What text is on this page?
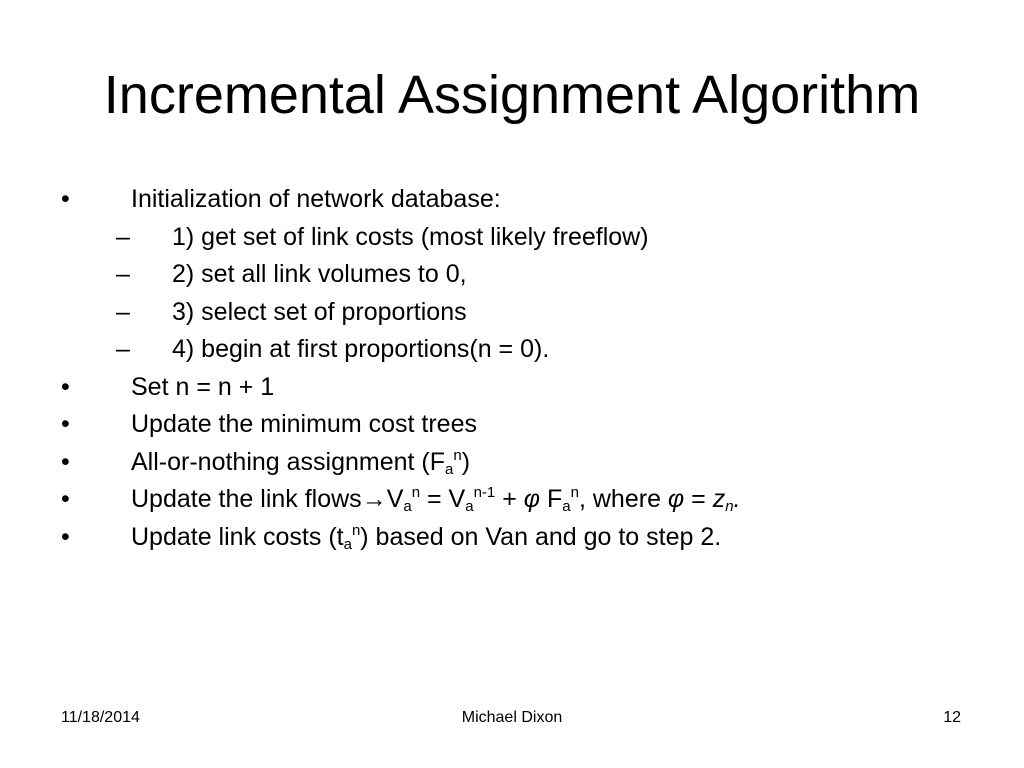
Incremental Assignment Algorithm
• Initialization of network database:
– 1) get set of link costs (most likely freeflow)
– 2) set all link volumes to 0,
– 3) select set of proportions
– 4) begin at first proportions(n = 0).
• Set n = n + 1
• Update the minimum cost trees
• All-or-nothing assignment $(F_a^n)$
• Update the link $flows\to V_a^n = V_a^{n-1} + \varphi$ $F_a^n$, where $\varphi = z_n$.
• Update link costs $(t_a^n)$ based on Van and go to step 2.
11/18/2014	Michael Dixon	12
